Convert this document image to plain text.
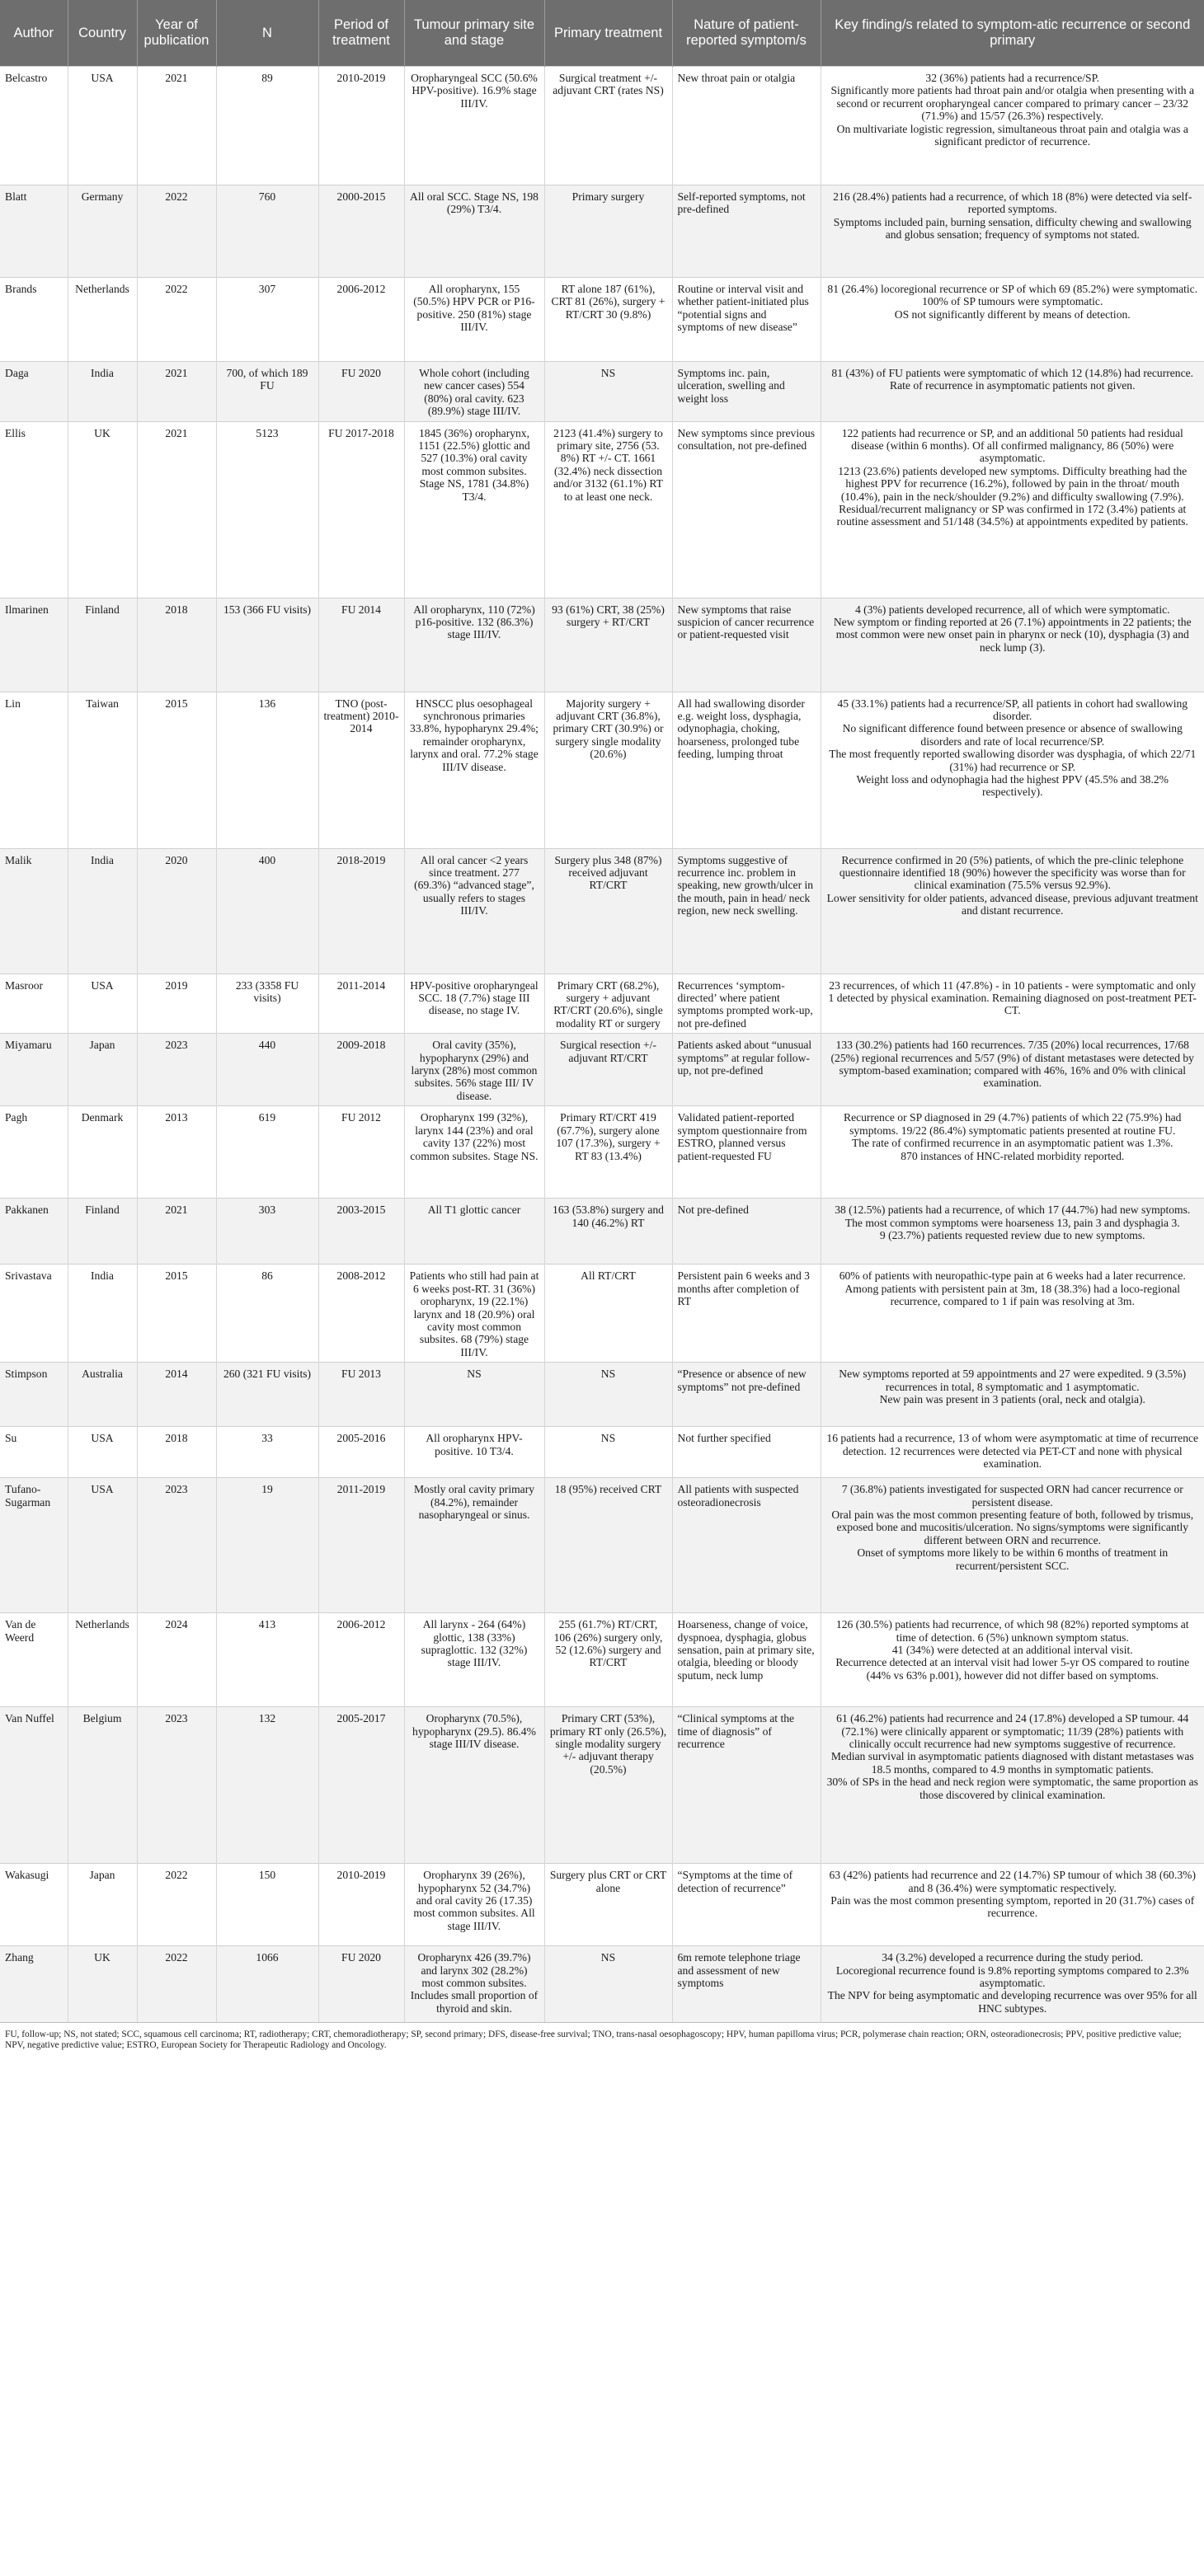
Author	Country	Year of publication	N	Period of treatment	Tumour primary site and stage	Primary treatment	Nature of patient-reported symptom/s	Key finding/s related to symptom-atic recurrence or second primary
Belcastro	USA	2021	89	2010-2019	Oropharyngeal SCC (50.6% HPV-positive). 16.9% stage III/IV.	Surgical treatment +/- adjuvant CRT (rates NS)	New throat pain or otalgia	32 (36%) patients had a recurrence/SP.
Significantly more patients had throat pain and/or otalgia when presenting with a second or recurrent oropharyngeal cancer compared to primary cancer – 23/32 (71.9%) and 15/57 (26.3%) respectively.
On multivariate logistic regression, simultaneous throat pain and otalgia was a significant predictor of recurrence.

Blatt	Germany	2022	760	2000-2015	All oral SCC. Stage NS, 198 (29%) T3/4.	Primary surgery	Self-reported symptoms, not pre-defined	216 (28.4%) patients had a recurrence, of which 18 (8%) were detected via self-reported symptoms.
Symptoms included pain, burning sensation, difficulty chewing and swallowing and globus sensation; frequency of symptoms not stated.

Brands	Netherlands	2022	307	2006-2012	All oropharynx, 155 (50.5%) HPV PCR or P16-positive. 250 (81%) stage III/IV.	RT alone 187 (61%), CRT 81 (26%), surgery + RT/CRT 30 (9.8%)	Routine or interval visit and whether patient-initiated plus “potential signs and symptoms of new disease”	81 (26.4%) locoregional recurrence or SP of which 69 (85.2%) were symptomatic. 100% of SP tumours were symptomatic.
OS not significantly different by means of detection.

Daga	India	2021	700, of which 189 FU	FU 2020	Whole cohort (including new cancer cases) 554 (80%) oral cavity. 623 (89.9%) stage III/IV.	NS	Symptoms inc. pain, ulceration, swelling and weight loss	81 (43%) of FU patients were symptomatic of which 12 (14.8%) had recurrence. Rate of recurrence in asymptomatic patients not given.

Ellis	UK	2021	5123	FU 2017-2018	1845 (36%) oropharynx, 1151 (22.5%) glottic and 527 (10.3%) oral cavity most common subsites. Stage NS, 1781 (34.8%) T3/4.	2123 (41.4%) surgery to primary site, 2756 (53. 8%) RT +/- CT. 1661 (32.4%) neck dissection and/or 3132 (61.1%) RT to at least one neck.	New symptoms since previous consultation, not pre-defined	122 patients had recurrence or SP, and an additional 50 patients had residual disease (within 6 months). Of all confirmed malignancy, 86 (50%) were asymptomatic.
1213 (23.6%) patients developed new symptoms. Difficulty breathing had the highest PPV for recurrence (16.2%), followed by pain in the throat/ mouth (10.4%), pain in the neck/shoulder (9.2%) and difficulty swallowing (7.9%).
Residual/recurrent malignancy or SP was confirmed in 172 (3.4%) patients at routine assessment and 51/148 (34.5%) at appointments expedited by patients.

Ilmarinen	Finland	2018	153 (366 FU visits)	FU 2014	All oropharynx, 110 (72%) p16-positive. 132 (86.3%) stage III/IV.	93 (61%) CRT, 38 (25%) surgery + RT/CRT	New symptoms that raise suspicion of cancer recurrence or patient-requested visit	4 (3%) patients developed recurrence, all of which were symptomatic.
New symptom or finding reported at 26 (7.1%) appointments in 22 patients; the most common were new onset pain in pharynx or neck (10), dysphagia (3) and neck lump (3).

Lin	Taiwan	2015	136	TNO (post-treatment) 2010-2014	HNSCC plus oesophageal synchronous primaries 33.8%, hypopharynx 29.4%; remainder oropharynx, larynx and oral. 77.2% stage III/IV disease.	Majority surgery + adjuvant CRT (36.8%), primary CRT (30.9%) or surgery single modality (20.6%)	All had swallowing disorder e.g. weight loss, dysphagia, odynophagia, choking, hoarseness, prolonged tube feeding, lumping throat	45 (33.1%) patients had a recurrence/SP, all patients in cohort had swallowing disorder.
No significant difference found between presence or absence of swallowing disorders and rate of local recurrence/SP.
The most frequently reported swallowing disorder was dysphagia, of which 22/71 (31%) had recurrence or SP.
Weight loss and odynophagia had the highest PPV (45.5% and 38.2% respectively).

Malik	India	2020	400	2018-2019	All oral cancer <2 years since treatment. 277 (69.3%) “advanced stage”, usually refers to stages III/IV.	Surgery plus 348 (87%) received adjuvant RT/CRT	Symptoms suggestive of recurrence inc. problem in speaking, new growth/ulcer in the mouth, pain in head/ neck region, new neck swelling.	Recurrence confirmed in 20 (5%) patients, of which the pre-clinic telephone questionnaire identified 18 (90%) however the specificity was worse than for clinical examination (75.5% versus 92.9%).
Lower sensitivity for older patients, advanced disease, previous adjuvant treatment and distant recurrence.

Masroor	USA	2019	233 (3358 FU visits)	2011-2014	HPV-positive oropharyngeal SCC. 18 (7.7%) stage III disease, no stage IV.	Primary CRT (68.2%), surgery + adjuvant RT/CRT (20.6%), single modality RT or surgery	Recurrences ‘symptom-directed’ where patient symptoms prompted work-up, not pre-defined	23 recurrences, of which 11 (47.8%) - in 10 patients - were symptomatic and only 1 detected by physical examination. Remaining diagnosed on post-treatment PET-CT.

Miyamaru	Japan	2023	440	2009-2018	Oral cavity (35%), hypopharynx (29%) and larynx (28%) most common subsites. 56% stage III/ IV disease.	Surgical resection +/- adjuvant RT/CRT	Patients asked about “unusual symptoms” at regular follow-up, not pre-defined	133 (30.2%) patients had 160 recurrences. 7/35 (20%) local recurrences, 17/68 (25%) regional recurrences and 5/57 (9%) of distant metastases were detected by symptom-based examination; compared with 46%, 16% and 0% with clinical examination.

Pagh	Denmark	2013	619	FU 2012	Oropharynx 199 (32%), larynx 144 (23%) and oral cavity 137 (22%) most common subsites. Stage NS.	Primary RT/CRT 419 (67.7%), surgery alone 107 (17.3%), surgery + RT 83 (13.4%)	Validated patient-reported symptom questionnaire from ESTRO, planned versus patient-requested FU	Recurrence or SP diagnosed in 29 (4.7%) patients of which 22 (75.9%) had symptoms. 19/22 (86.4%) symptomatic patients presented at routine FU.
The rate of confirmed recurrence in an asymptomatic patient was 1.3%.
870 instances of HNC-related morbidity reported.

Pakkanen	Finland	2021	303	2003-2015	All T1 glottic cancer	163 (53.8%) surgery and 140 (46.2%) RT	Not pre-defined	38 (12.5%) patients had a recurrence, of which 17 (44.7%) had new symptoms.
The most common symptoms were hoarseness 13, pain 3 and dysphagia 3.
9 (23.7%) patients requested review due to new symptoms.

Srivastava	India	2015	86	2008-2012	Patients who still had pain at 6 weeks post-RT. 31 (36%) oropharynx, 19 (22.1%) larynx and 18 (20.9%) oral cavity most common subsites. 68 (79%) stage III/IV.	All RT/CRT	Persistent pain 6 weeks and 3 months after completion of RT	60% of patients with neuropathic-type pain at 6 weeks had a later recurrence.
Among patients with persistent pain at 3m, 18 (38.3%) had a loco-regional recurrence, compared to 1 if pain was resolving at 3m.

Stimpson	Australia	2014	260 (321 FU visits)	FU 2013	NS	NS	“Presence or absence of new symptoms” not pre-defined	New symptoms reported at 59 appointments and 27 were expedited. 9 (3.5%) recurrences in total, 8 symptomatic and 1 asymptomatic.
New pain was present in 3 patients (oral, neck and otalgia).

Su	USA	2018	33	2005-2016	All oropharynx HPV-positive. 10 T3/4.	NS	Not further specified	16 patients had a recurrence, 13 of whom were asymptomatic at time of recurrence detection. 12 recurrences were detected via PET-CT and none with physical examination.

Tufano-Sugarman	USA	2023	19	2011-2019	Mostly oral cavity primary (84.2%), remainder nasopharyngeal or sinus.	18 (95%) received CRT	All patients with suspected osteoradionecrosis	7 (36.8%) patients investigated for suspected ORN had cancer recurrence or persistent disease.
Oral pain was the most common presenting feature of both, followed by trismus, exposed bone and mucositis/ulceration. No signs/symptoms were significantly different between ORN and recurrence.
Onset of symptoms more likely to be within 6 months of treatment in recurrent/persistent SCC.

Van de Weerd	Netherlands	2024	413	2006-2012	All larynx - 264 (64%) glottic, 138 (33%) supraglottic. 132 (32%) stage III/IV.	255 (61.7%) RT/CRT, 106 (26%) surgery only, 52 (12.6%) surgery and RT/CRT	Hoarseness, change of voice, dyspnoea, dysphagia, globus sensation, pain at primary site, otalgia, bleeding or bloody sputum, neck lump	126 (30.5%) patients had recurrence, of which 98 (82%) reported symptoms at time of detection. 6 (5%) unknown symptom status.
41 (34%) were detected at an additional interval visit.
Recurrence detected at an interval visit had lower 5-yr OS compared to routine (44% vs 63% p.001), however did not differ based on symptoms.

Van Nuffel	Belgium	2023	132	2005-2017	Oropharynx (70.5%), hypopharynx (29.5). 86.4% stage III/IV disease.	Primary CRT (53%), primary RT only (26.5%), single modality surgery +/- adjuvant therapy (20.5%)	“Clinical symptoms at the time of diagnosis” of recurrence	61 (46.2%) patients had recurrence and 24 (17.8%) developed a SP tumour. 44 (72.1%) were clinically apparent or symptomatic; 11/39 (28%) patients with clinically occult recurrence had new symptoms suggestive of recurrence.
Median survival in asymptomatic patients diagnosed with distant metastases was 18.5 months, compared to 4.9 months in symptomatic patients.
30% of SPs in the head and neck region were symptomatic, the same proportion as those discovered by clinical examination.

Wakasugi	Japan	2022	150	2010-2019	Oropharynx 39 (26%), hypopharynx 52 (34.7%) and oral cavity 26 (17.35) most common subsites. All stage III/IV.	Surgery plus CRT or CRT alone	“Symptoms at the time of detection of recurrence”	63 (42%) patients had recurrence and 22 (14.7%) SP tumour of which 38 (60.3%) and 8 (36.4%) were symptomatic respectively.
Pain was the most common presenting symptom, reported in 20 (31.7%) cases of recurrence.

Zhang	UK	2022	1066	FU 2020	Oropharynx 426 (39.7%) and larynx 302 (28.2%) most common subsites. Includes small proportion of thyroid and skin.	NS	6m remote telephone triage and assessment of new symptoms	34 (3.2%) developed a recurrence during the study period.
Locoregional recurrence found is 9.8% reporting symptoms compared to 2.3% asymptomatic.
The NPV for being asymptomatic and developing recurrence was over 95% for all HNC subtypes.
FU, follow-up; NS, not stated; SCC, squamous cell carcinoma; RT, radiotherapy; CRT, chemoradiotherapy; SP, second primary; DFS, disease-free survival; TNO, trans-nasal oesophagoscopy; HPV, human papilloma virus; PCR, polymerase chain reaction; ORN, osteoradionecrosis; PPV, positive predictive value; NPV, negative predictive value; ESTRO, European Society for Therapeutic Radiology and Oncology.
